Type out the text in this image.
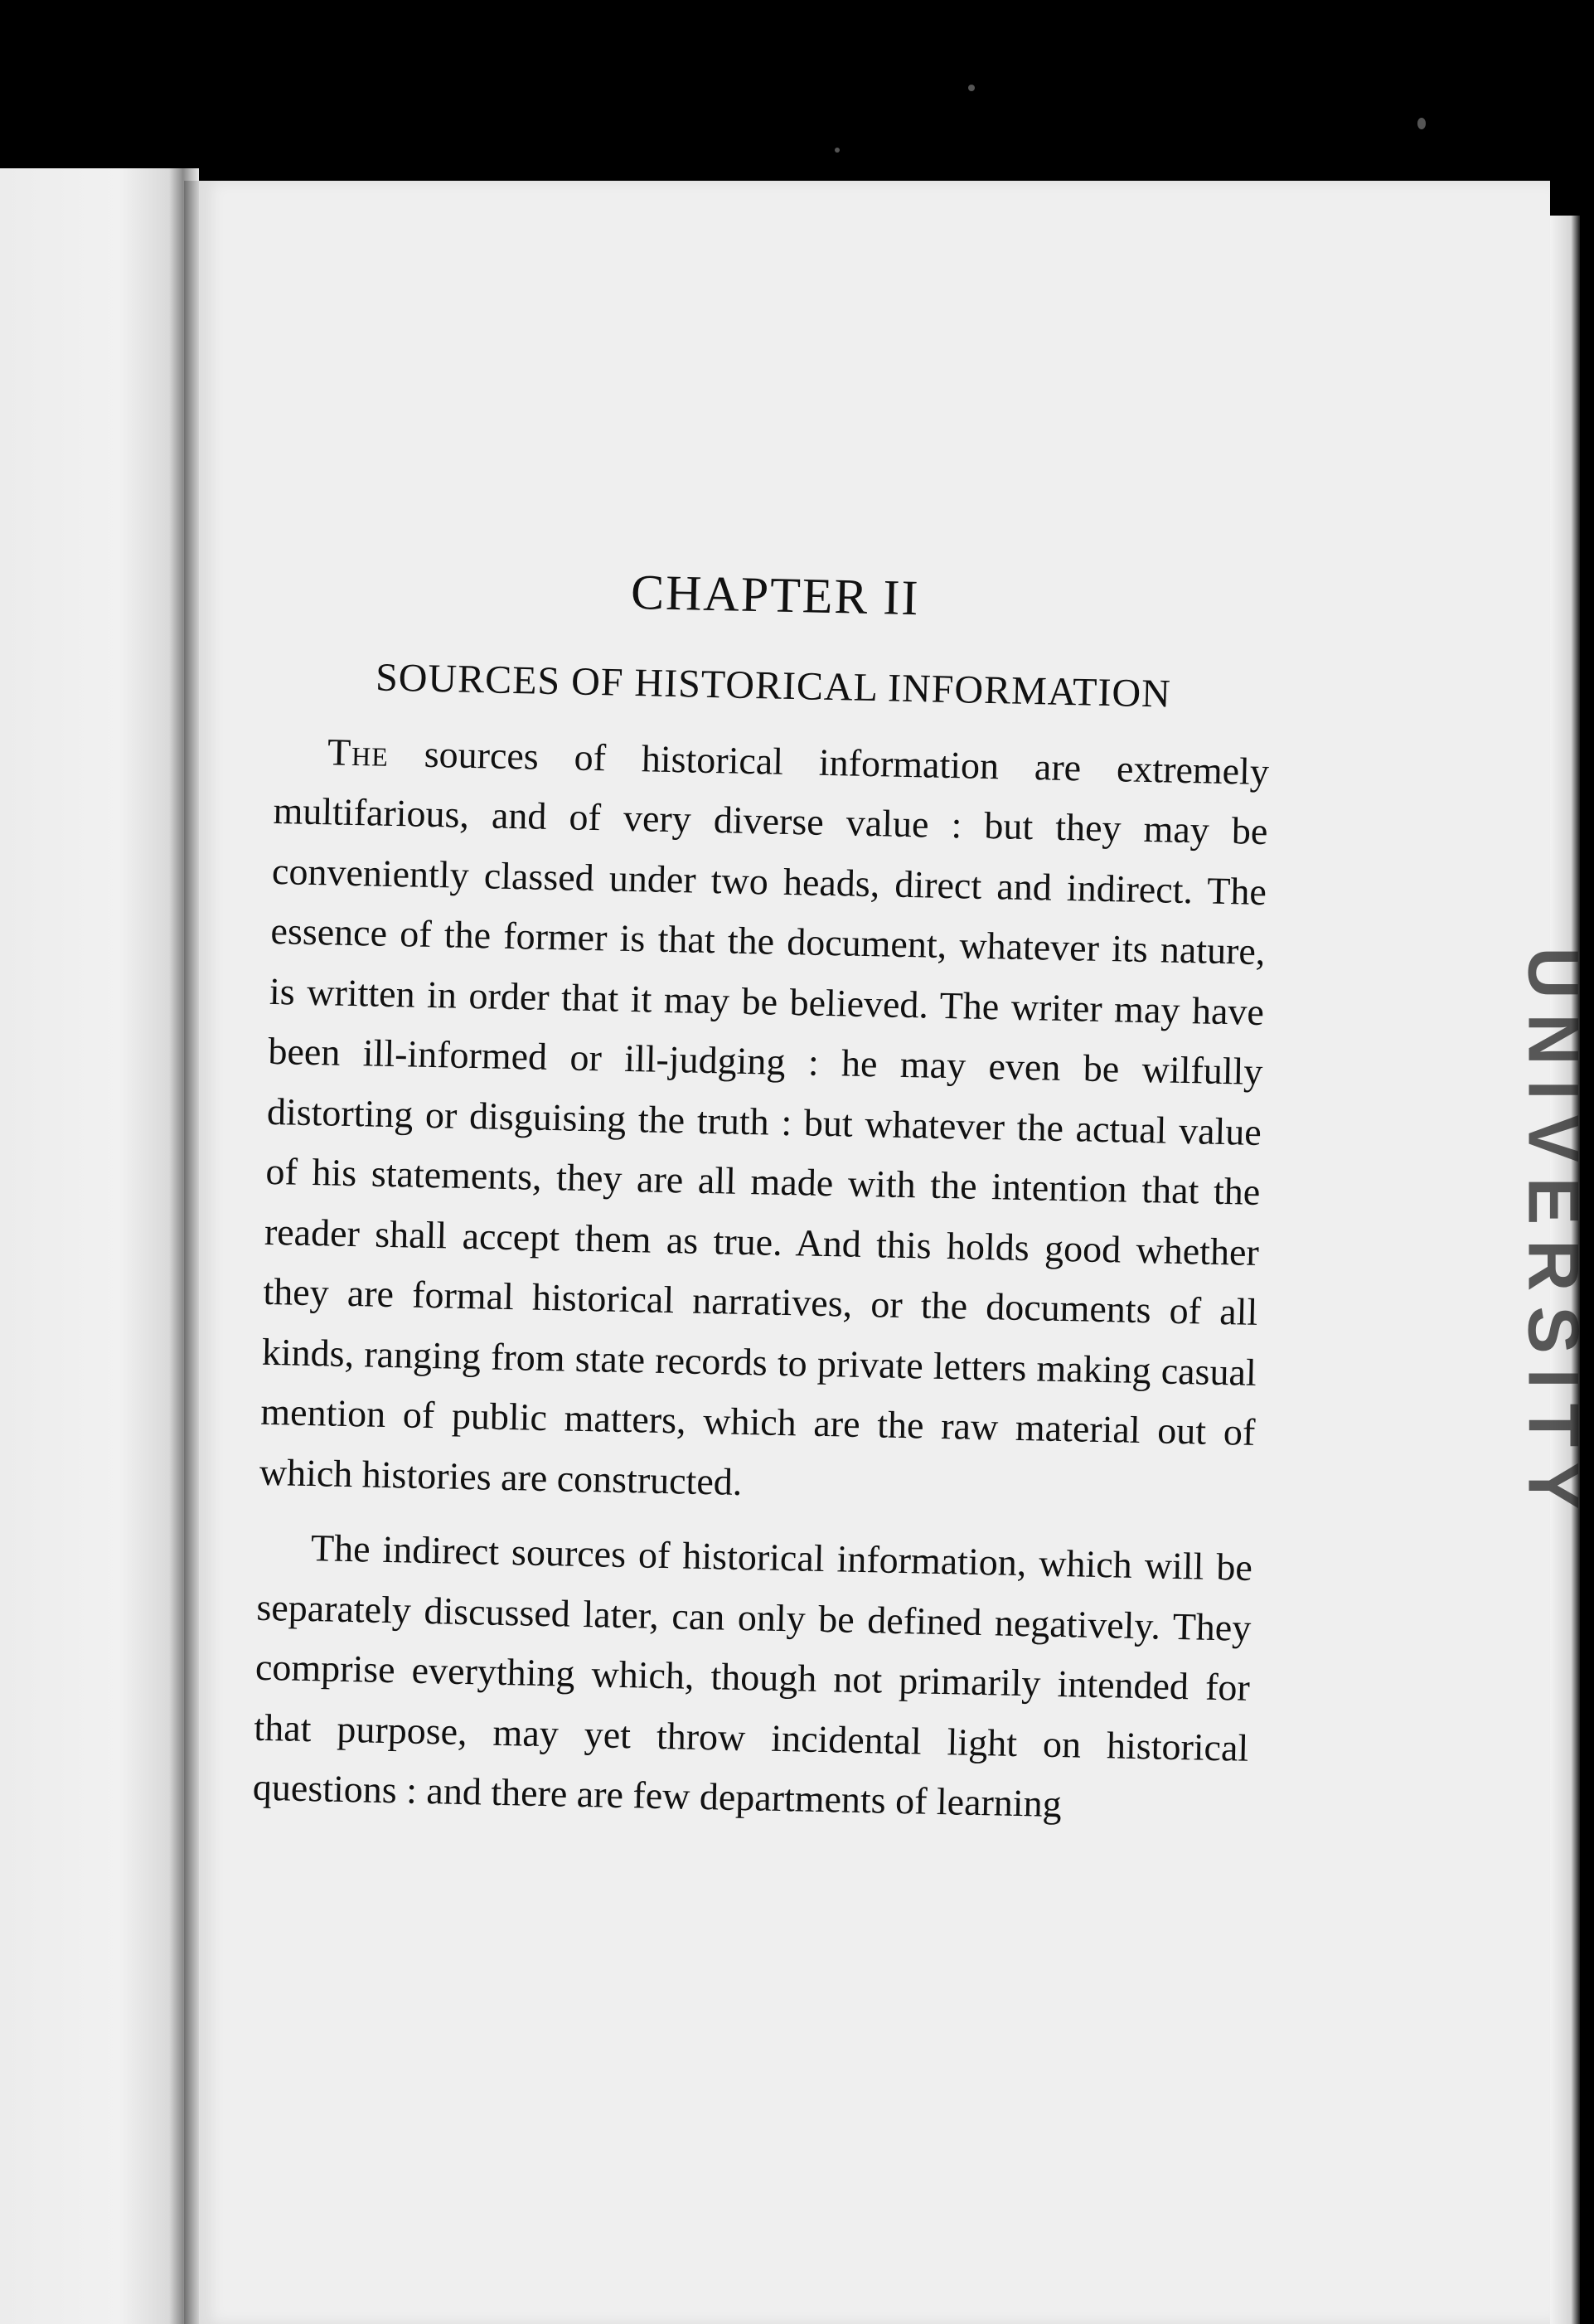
UNIVERSITY
CHAPTER II
SOURCES OF HISTORICAL INFORMATION

The sources of historical information are extremely multifarious, and of very diverse value : but they may be conveniently classed under two heads, direct and indirect. The essence of the former is that the document, whatever its nature, is written in order that it may be believed. The writer may have been ill-informed or ill-judging : he may even be wilfully distorting or disguising the truth : but whatever the actual value of his statements, they are all made with the intention that the reader shall accept them as true. And this holds good whether they are formal historical narratives, or the documents of all kinds, ranging from state records to private letters making casual mention of public matters, which are the raw material out of which histories are constructed.

The indirect sources of historical information, which will be separately discussed later, can only be defined negatively. They comprise everything which, though not primarily intended for that purpose, may yet throw incidental light on historical questions : and there are few departments of learning
